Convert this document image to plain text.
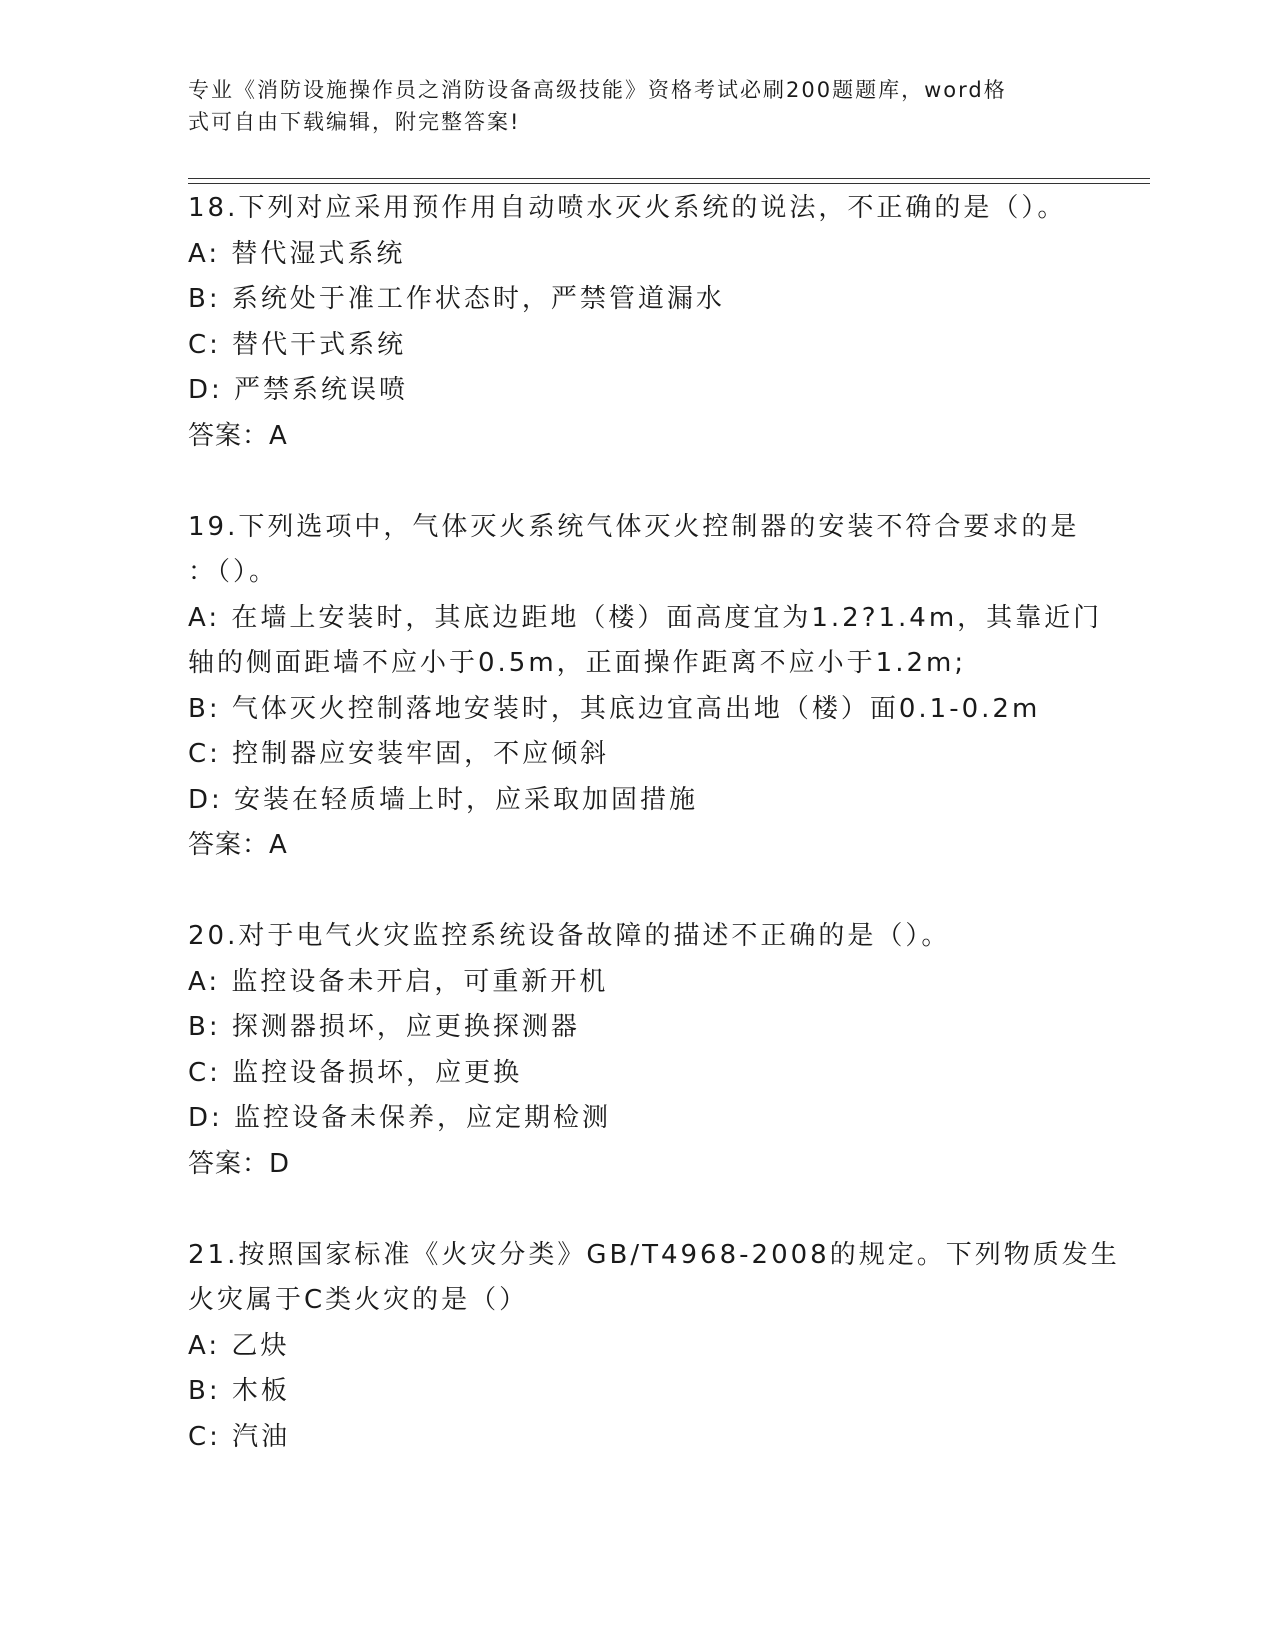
专业《消防设施操作员之消防设备高级技能》资格考试必刷200题题库，word格
式可自由下载编辑，附完整答案!
18.下列对应采用预作用自动喷水灭火系统的说法，不正确的是（）。
A: 替代湿式系统
B: 系统处于准工作状态时，严禁管道漏水
C: 替代干式系统
D: 严禁系统误喷
答案：A
19.下列选项中，气体灭火系统气体灭火控制器的安装不符合要求的是
：（）。
A: 在墙上安装时，其底边距地（楼）面高度宜为1.2?1.4m，其靠近门
轴的侧面距墙不应小于0.5m，正面操作距离不应小于1.2m;
B: 气体灭火控制落地安装时，其底边宜高出地（楼）面0.1-0.2m
C: 控制器应安装牢固，不应倾斜
D: 安装在轻质墙上时，应采取加固措施
答案：A
20.对于电气火灾监控系统设备故障的描述不正确的是（）。
A: 监控设备未开启，可重新开机
B: 探测器损坏，应更换探测器
C: 监控设备损坏，应更换
D: 监控设备未保养，应定期检测
答案：D
21.按照国家标准《火灾分类》GB/T4968-2008的规定。下列物质发生
火灾属于C类火灾的是（）
A: 乙炔
B: 木板
C: 汽油
